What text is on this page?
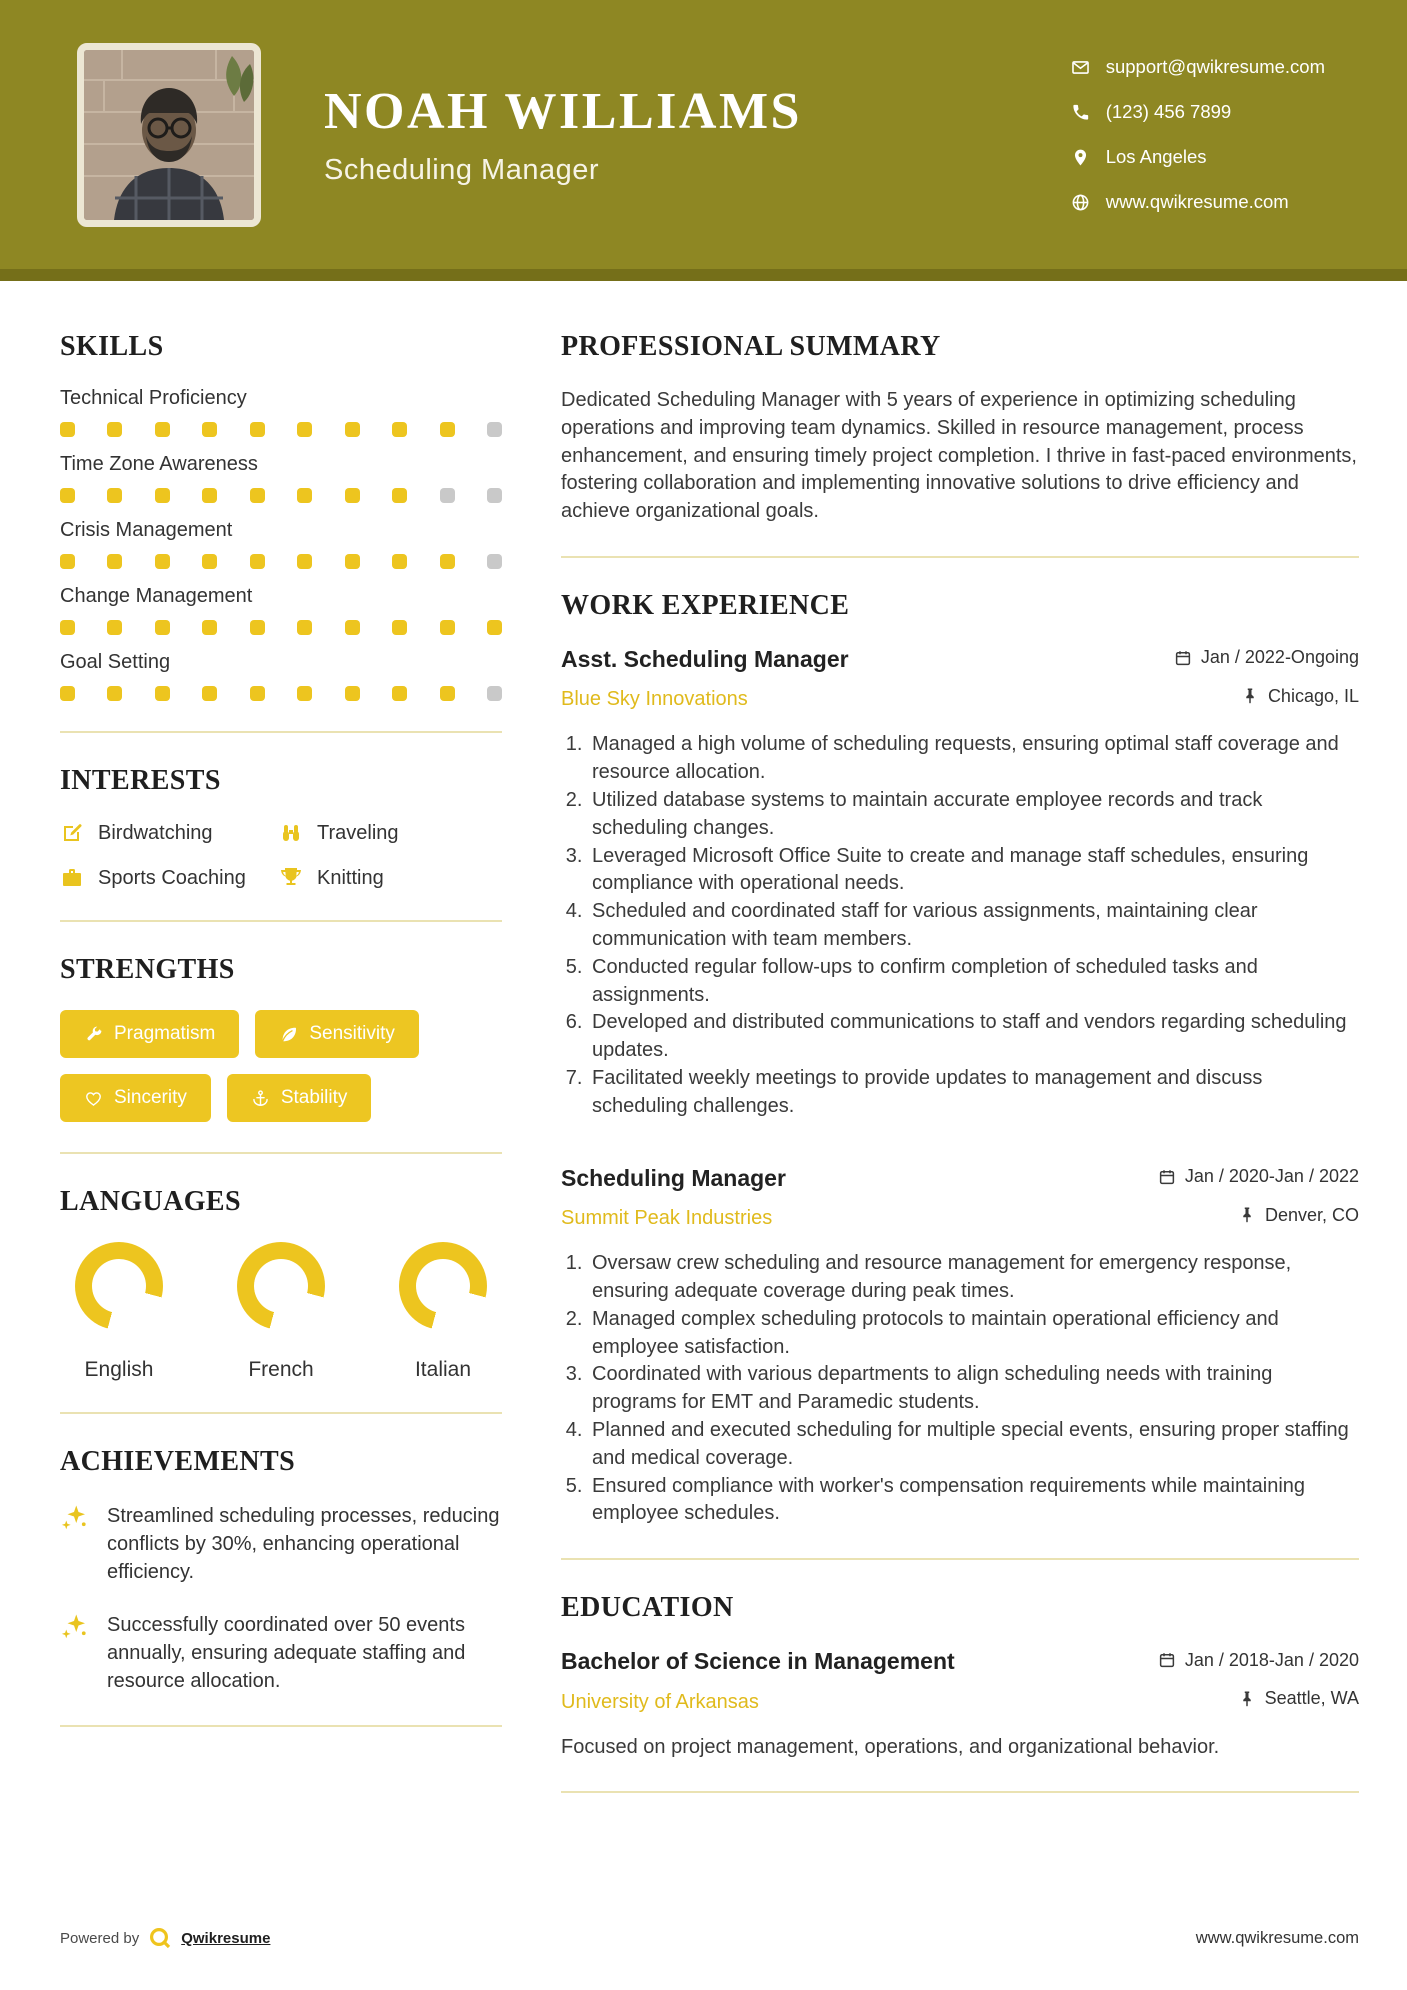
NOAH WILLIAMS
Scheduling Manager
support@qwikresume.com
(123) 456 7899
Los Angeles
www.qwikresume.com
SKILLS
Technical Proficiency
Time Zone Awareness
Crisis Management
Change Management
Goal Setting
INTERESTS
Birdwatching	Traveling
Sports Coaching	Knitting
STRENGTHS
Pragmatism	Sensitivity
Sincerity	Stability
LANGUAGES
English	French	Italian
ACHIEVEMENTS
Streamlined scheduling processes, reducing conflicts by 30%, enhancing operational efficiency.
Successfully coordinated over 50 events annually, ensuring adequate staffing and resource allocation.
PROFESSIONAL SUMMARY

Dedicated Scheduling Manager with 5 years of experience in optimizing scheduling operations and improving team dynamics. Skilled in resource management, process enhancement, and ensuring timely project completion. I thrive in fast-paced environments, fostering collaboration and implementing innovative solutions to drive efficiency and achieve organizational goals.

WORK EXPERIENCE
Asst. Scheduling Manager	Jan / 2022-Ongoing
Blue Sky Innovations	Chicago, IL
1. Managed a high volume of scheduling requests, ensuring optimal staff coverage and resource allocation.
2. Utilized database systems to maintain accurate employee records and track scheduling changes.
3. Leveraged Microsoft Office Suite to create and manage staff schedules, ensuring compliance with operational needs.
4. Scheduled and coordinated staff for various assignments, maintaining clear communication with team members.
5. Conducted regular follow-ups to confirm completion of scheduled tasks and assignments.
6. Developed and distributed communications to staff and vendors regarding scheduling updates.
7. Facilitated weekly meetings to provide updates to management and discuss scheduling challenges.
Scheduling Manager	Jan / 2020-Jan / 2022
Summit Peak Industries	Denver, CO
1. Oversaw crew scheduling and resource management for emergency response, ensuring adequate coverage during peak times.
2. Managed complex scheduling protocols to maintain operational efficiency and employee satisfaction.
3. Coordinated with various departments to align scheduling needs with training programs for EMT and Paramedic students.
4. Planned and executed scheduling for multiple special events, ensuring proper staffing and medical coverage.
5. Ensured compliance with worker's compensation requirements while maintaining employee schedules.
EDUCATION
Bachelor of Science in Management	Jan / 2018-Jan / 2020
University of Arkansas	Seattle, WA

Focused on project management, operations, and organizational behavior.

Powered by	Qwikresume	www.qwikresume.com
